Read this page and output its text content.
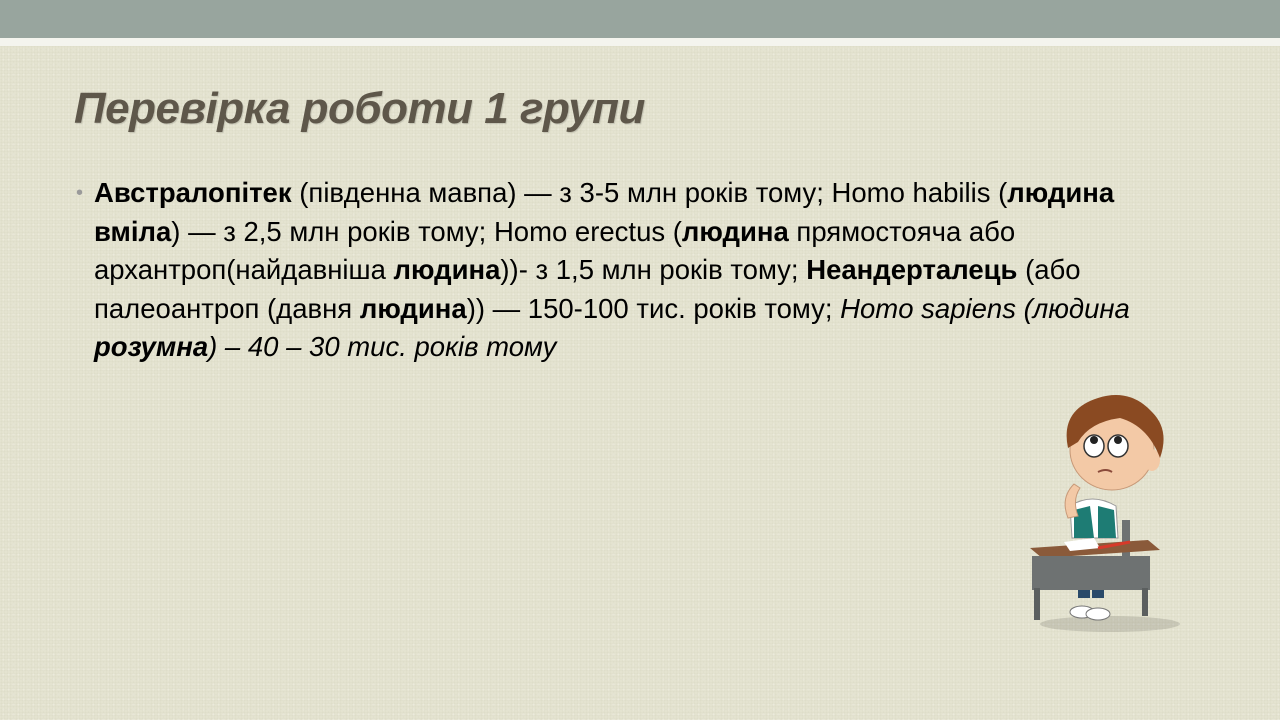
Перевірка роботи 1 групи
• Австралопітек (південна мавпа) — з 3-5 млн років тому; Homo habilis (людина вміла) — з 2,5 млн років тому; Homo erectus (людина прямостояча або архантроп(найдавніша людина))- з 1,5 млн років тому; Неандерталець (або палеоантроп (давня людина)) — 150-100 тис. років тому; Homo sapiens (людина розумна) – 40 – 30 тис. років тому
